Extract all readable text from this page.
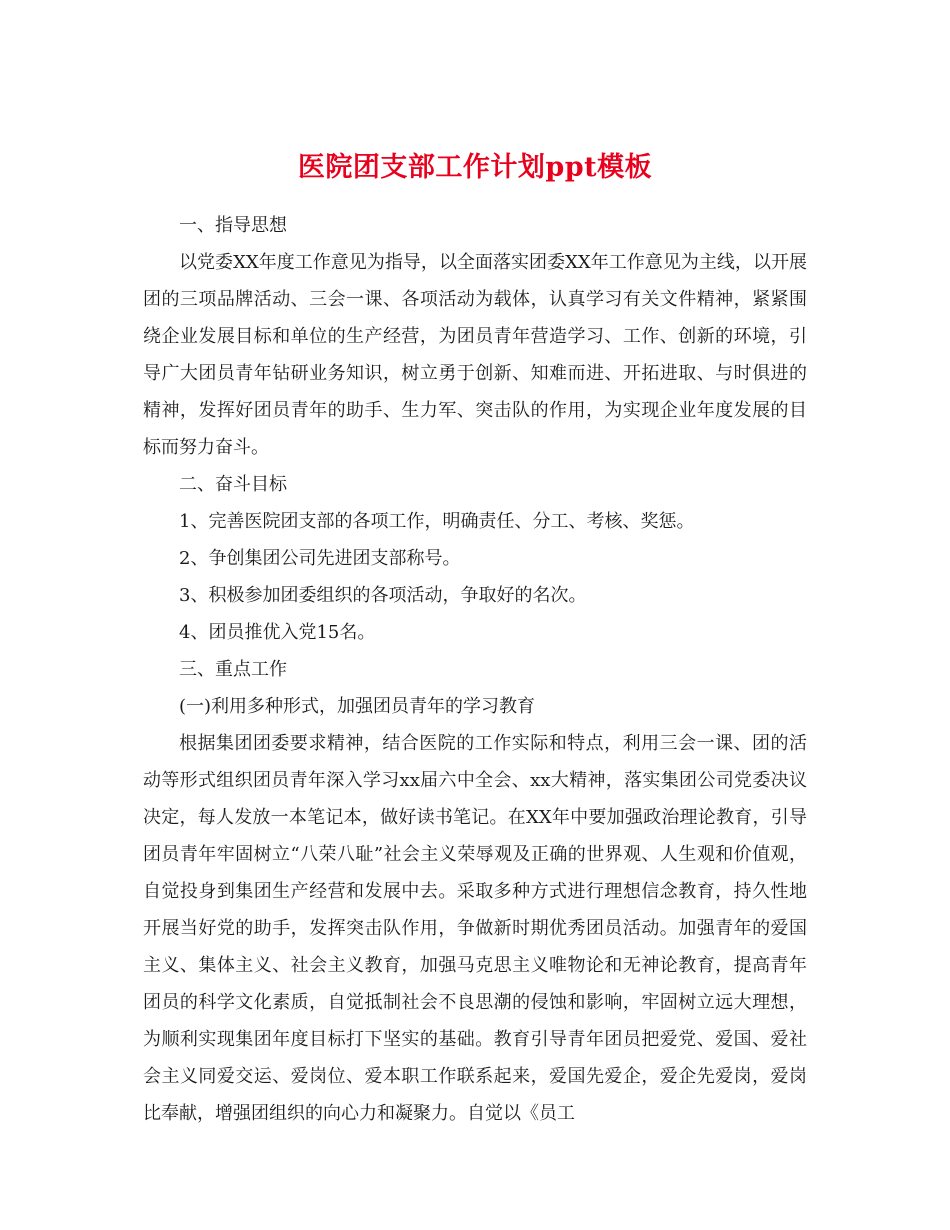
医院团支部工作计划ppt模板

一、指导思想

以党委XX年度工作意见为指导，以全面落实团委XX年工作意见为主线，以开展团的三项品牌活动、三会一课、各项活动为载体，认真学习有关文件精神，紧紧围绕企业发展目标和单位的生产经营，为团员青年营造学习、工作、创新的环境，引导广大团员青年钻研业务知识，树立勇于创新、知难而进、开拓进取、与时俱进的精神，发挥好团员青年的助手、生力军、突击队的作用，为实现企业年度发展的目标而努力奋斗。

二、奋斗目标

1、完善医院团支部的各项工作，明确责任、分工、考核、奖惩。

2、争创集团公司先进团支部称号。

3、积极参加团委组织的各项活动，争取好的名次。

4、团员推优入党15名。

三、重点工作

(一)利用多种形式，加强团员青年的学习教育

根据集团团委要求精神，结合医院的工作实际和特点，利用三会一课、团的活动等形式组织团员青年深入学习xx届六中全会、xx大精神，落实集团公司党委决议决定，每人发放一本笔记本，做好读书笔记。在XX年中要加强政治理论教育，引导团员青年牢固树立“八荣八耻”社会主义荣辱观及正确的世界观、人生观和价值观，自觉投身到集团生产经营和发展中去。采取多种方式进行理想信念教育，持久性地开展当好党的助手，发挥突击队作用，争做新时期优秀团员活动。加强青年的爱国主义、集体主义、社会主义教育，加强马克思主义唯物论和无神论教育，提高青年团员的科学文化素质，自觉抵制社会不良思潮的侵蚀和影响，牢固树立远大理想，为顺利实现集团年度目标打下坚实的基础。教育引导青年团员把爱党、爱国、爱社会主义同爱交运、爱岗位、爱本职工作联系起来，爱国先爱企，爱企先爱岗，爱岗比奉献，增强团组织的向心力和凝聚力。自觉以《员工
